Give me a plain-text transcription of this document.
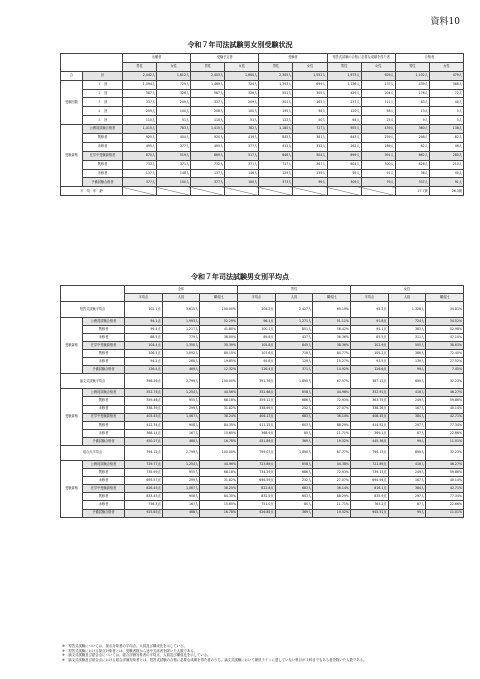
資料10
令和７年司法試験男女別受験状況
		出願者		受験予定者		受験者		短答式試験の合格に必要な成績を得た者		合格者	
		男性	女性	男性	女性	男性	女性	男性	女性	男性	女性
合	計	2,442人	1,612人	2,403人	1,600人	2,305人	1,552人	1,973人	929人	1,102人	479人
受験回数	１　回	1,494人	729人	1,469人	724人	1,393人	699人	1,136人	137人	439人	368人
	２　回	587人	326人	587人	326人	551人	305人	429人	204人	176人	72人
	３　回	337人	209人	337人	209人	301人	165人	237人	111人	63人	40人
	４　回	209人	100人	208人	100人	195人	94人	120人	58人	13人	5人
	５　回	110人	51人	110人	51人	122人	50人	64人	25人	9人	5人
受験資格	公務員試験合格者	1,415人	783人	1,415人	782人	1,180人	727人	955人	439人	360人	138人
	既修者	920人	454人	920人	419人	845人	381人	643人	259人	298人	82人
	未修者	495人	377人	495人	377人	411人	312人	262人	189人	62人	46人
	在学中受験資格者	870人	519人	869人	517人	846人	504人	699人	391人	662人	280人
	既修者	733人	371人	732人	371人	717人	367人	604人	300人	626人	210人
	未修者	137人	148人	137人	146人	129人	139人	95人	91人	36人	40人
	予備試験合格者	377人	100人	377人	100人	373人	99人	309人	79人	337人	91人
平　均　年　齢										27.7歳	26.3歳
令和７年司法試験男女別平均点
		全体			男性			女性		
		平均点	人員	構成比	平均点	人員	構成比	平均点	人員	構成比
短答式試験平均点		102.1点	3,615人	100.00%	104.2点	2,427人	65.19%	95.2点	1,328人	34.81%
受験資格	公務員試験合格者	94.1点	1,993人	52.29%	96.1点	1,271人	51.11%	91.8点	724人	34.52%
	既修者	99.4点	1,217人	41.80%	100.1点	851人	56.42%	95.1点	383人	52.98%
	未修者	88.5点	779人	38.00%	89.8点	437人	36.36%	85.5点	311人	47.10%
	在学中受験資格者	104.4点	1,350人	35.39%	105.8点	845人	38.36%	102.9点	505人	38.63%
	既修者	106.5点	1,092人	80.15%	107.6点	716人	84.77%	105.2点	386人	72.40%
	未修者	94.2点	268人	19.85%	95.8点	129人	15.27%	93.5点	139人	27.52%
	予備試験合格者	126.4点	469人	12.32%	126.4点	371人	14.92%	126.6点	99人	7.45%
論文式試験平均点		398.26点	2,799人	100.00%	391.76点	1,890人	67.57%	387.11点	899人	32.23%
受験資格	公務員試験合格者	352.76点	1,254人	44.56%	352.68点	858人	44.96%	352.91点	416人	46.27%
	既修者	359.46点	955人	68.18%	359.12点	686人	72.93%	363.75点	249人	59.86%
	未修者	338.39点	299人	31.82%	338.69点	252人	27.07%	338.26点	167人	40.14%
	在学中受験資格者	405.45点	1,067人	38.24%	406.13点	683人	36.14%	408.45点	384人	42.71%
	既修者	412.34点	908人	84.35%	411.15点	603人	88.29%	414.52点	297人	77.34%
	未修者	368.14点	167人	15.65%	368.9点	80人	11.71%	369.1点	87人	22.66%
	予備試験合格者	450.27点	468人	16.78%	451.89点	369人	19.52%	445.36点	99人	11.01%
総合点平均点		794.12点	2,799人	100.00%	799.07点	1,890人	67.77%	794.13点	899人	32.23%
受験資格	公務員試験合格者	729.77点	1,254人	44.96%	723.89点	858人	44.38%	721.89点	416人	46.27%
	既修者	735.99点	955人	68.18%	734.29点	686人	72.93%	739.15点	249人	59.86%
	未修者	695.57点	299人	31.82%	696.59点	232人	27.07%	694.94点	167人	40.14%
	在学中受験資格者	826.45点	1,067人	38.25%	822.8点	683人	36.14%	816.1点	384人	42.71%
	既修者	833.45点	908人	84.35%	832.5点	603人	88.29%	835.9点	297人	77.34%
	未修者	756.3点	167人	15.65%	751.0点	80人	11.71%	763.2点	87人	22.66%
	予備試験合格者	925.85点	468人	16.78%	926.85点	369人	19.52%	945.51点	99人	11.01%
※　短答式試験については、採点対象者の平均点。人員及び構成比を示している。
※　短答式試験における採点対象者とは、受験者数から途中欠席者を除いた人数である。
※　論文式試験及び総合点については、総合評価対象者の平均点、人員及び構成比を示している。
※　論文式試験及び総合点における総合評価対象者とは、短答式試験の合格に必要な成績を得た者のうち、論文式試験において最低ラインに達していない科目が１科目でもある者を除いた人数である。
